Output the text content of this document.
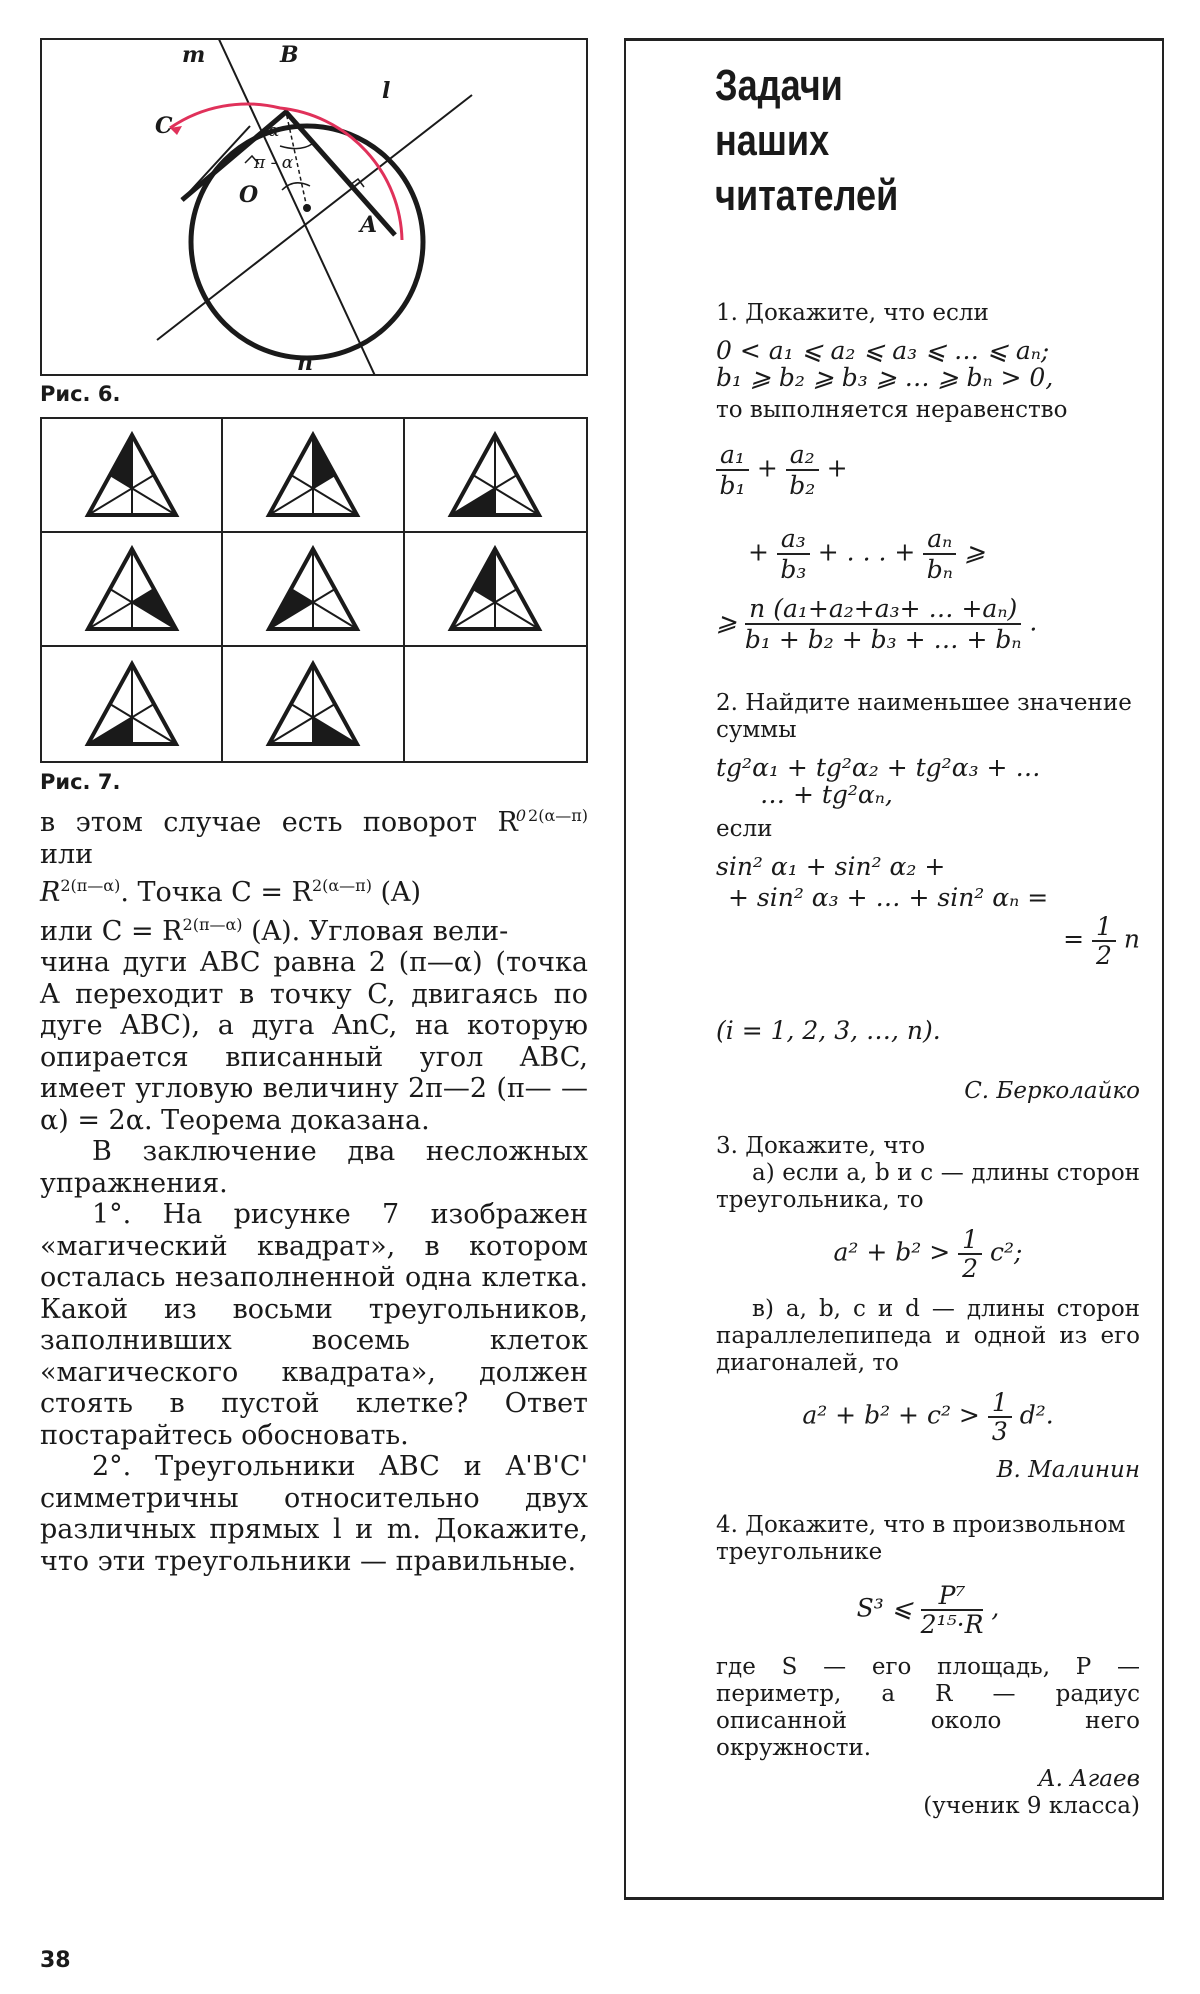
m	B
l
C
A
O
n
α
π - α
Рис. 6.
Рис. 7.

в этом случае есть поворот $R^0$ $^{2(\alpha—\pi)}$ или

$R^{2(\pi—\alpha)}$. Точка $C = R^{2(\alpha—\pi)}$ (A)

или $C = R^{2(\pi—\alpha)}$ (A). Угловая вели-

чина дуги ABC равна 2 (π—α) (точка A переходит в точку C, двигаясь по дуге ABC), а дуга AnC, на которую опирается вписанный угол ABC, имеет угловую величину 2π—2 (π— —α) = 2α. Теорема доказана.

В заключение два несложных упражнения.

1°. На рисунке 7 изображен «магический квадрат», в котором осталась незаполненной одна клетка. Какой из восьми треугольников, заполнивших восемь клеток «магического квадрата», должен стоять в пустой клетке? Ответ постарайтесь обосновать.

2°. Треугольники ABC и A'B'C' симметричны относительно двух различных прямых l и m. Докажите, что эти треугольники — правильные.

Задачи
наших
читателей
1. Докажите, что если
0 < a₁ ⩽ a₂ ⩽ a₃ ⩽ … ⩽ aₙ;
b₁ ⩾ b₂ ⩾ b₃ ⩾ … ⩾ bₙ > 0,
то выполняется неравенство
$\frac{\text{a₁}}{\text{b₁}} + \frac{\text{a₂}}{\text{b₂}}$ +
+ $\frac{\text{a₃}}{\text{b₃}}$ + . . . + $\frac{\text{aₙ}}{\text{bₙ}}$ ⩾
⩾ $\frac{\text{n (a₁+a₂+a₃+ … +aₙ)}}{\text{b₁ + b₂ + b₃ + … + bₙ}}$ .
2. Найдите наименьшее значение суммы
tg²α₁ + tg²α₂ + tg²α₃ + …
… + tg²αₙ,
если
sin² α₁ + sin² α₂ +
+ sin² α₃ + … + sin² αₙ =
= $\frac{1}{2}$ n
(i = 1, 2, 3, …, n).
С. Берколайко
3. Докажите, что
а) если a, b и c — длины сторон треугольника, то
$a^2 + b^2 > \frac{1}{2} c^2$;
в) a, b, c и d — длины сторон параллелепипеда и одной из его диагоналей, то
$a^2 + b^2 + c^2 > \frac{1}{3} d^2$.
В. Малинин
4. Докажите, что в произвольном треугольнике
S³ ⩽ $\frac{\text{P⁷}}{\text{2¹⁵·R}}$ ,
где S — его площадь, P — периметр, а R — радиус описанной около него окружности.
А. Агаев
(ученик 9 класса)
38
